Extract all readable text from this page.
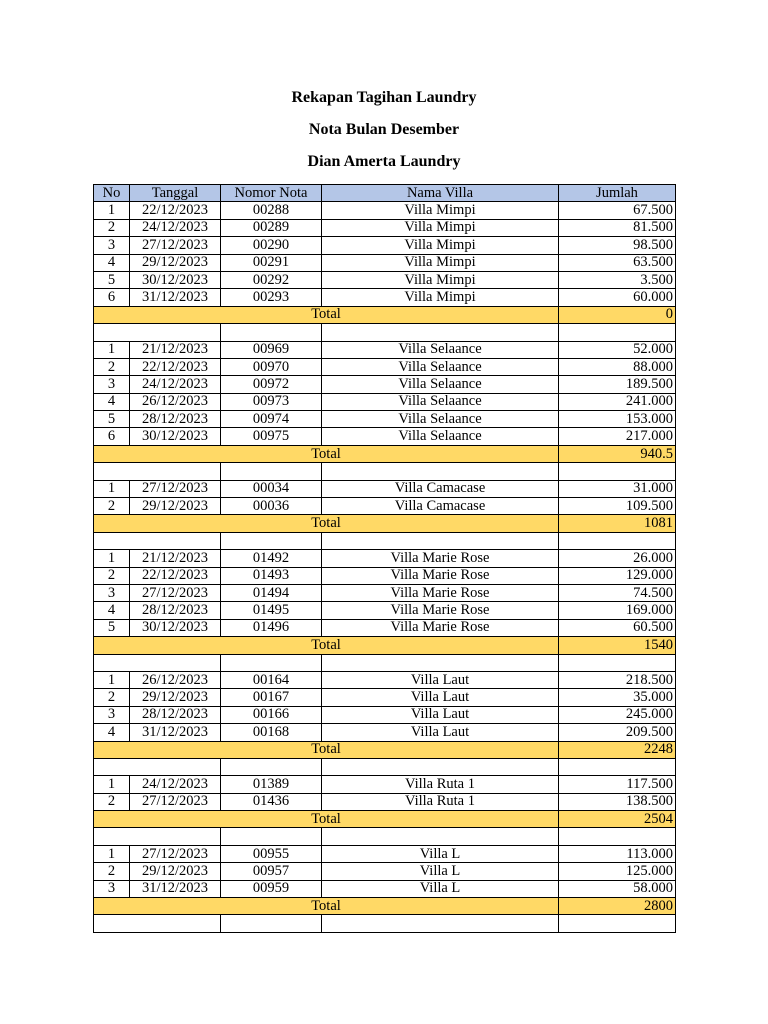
Rekapan Tagihan Laundry
Nota Bulan Desember
Dian Amerta Laundry
No	Tanggal	Nomor Nota	Nama Villa	Jumlah
1	22/12/2023	00288	Villa Mimpi	67.500
2	24/12/2023	00289	Villa Mimpi	81.500
3	27/12/2023	00290	Villa Mimpi	98.500
4	29/12/2023	00291	Villa Mimpi	63.500
5	30/12/2023	00292	Villa Mimpi	3.500
6	31/12/2023	00293	Villa Mimpi	60.000
Total				0

1	21/12/2023	00969	Villa Selaance	52.000
2	22/12/2023	00970	Villa Selaance	88.000
3	24/12/2023	00972	Villa Selaance	189.500
4	26/12/2023	00973	Villa Selaance	241.000
5	28/12/2023	00974	Villa Selaance	153.000
6	30/12/2023	00975	Villa Selaance	217.000
Total				940.5

1	27/12/2023	00034	Villa Camacase	31.000
2	29/12/2023	00036	Villa Camacase	109.500
Total				1081

1	21/12/2023	01492	Villa Marie Rose	26.000
2	22/12/2023	01493	Villa Marie Rose	129.000
3	27/12/2023	01494	Villa Marie Rose	74.500
4	28/12/2023	01495	Villa Marie Rose	169.000
5	30/12/2023	01496	Villa Marie Rose	60.500
Total				1540

1	26/12/2023	00164	Villa Laut	218.500
2	29/12/2023	00167	Villa Laut	35.000
3	28/12/2023	00166	Villa Laut	245.000
4	31/12/2023	00168	Villa Laut	209.500
Total				2248

1	24/12/2023	01389	Villa Ruta 1	117.500
2	27/12/2023	01436	Villa Ruta 1	138.500
Total				2504

1	27/12/2023	00955	Villa L	113.000
2	29/12/2023	00957	Villa L	125.000
3	31/12/2023	00959	Villa L	58.000
Total				2800
